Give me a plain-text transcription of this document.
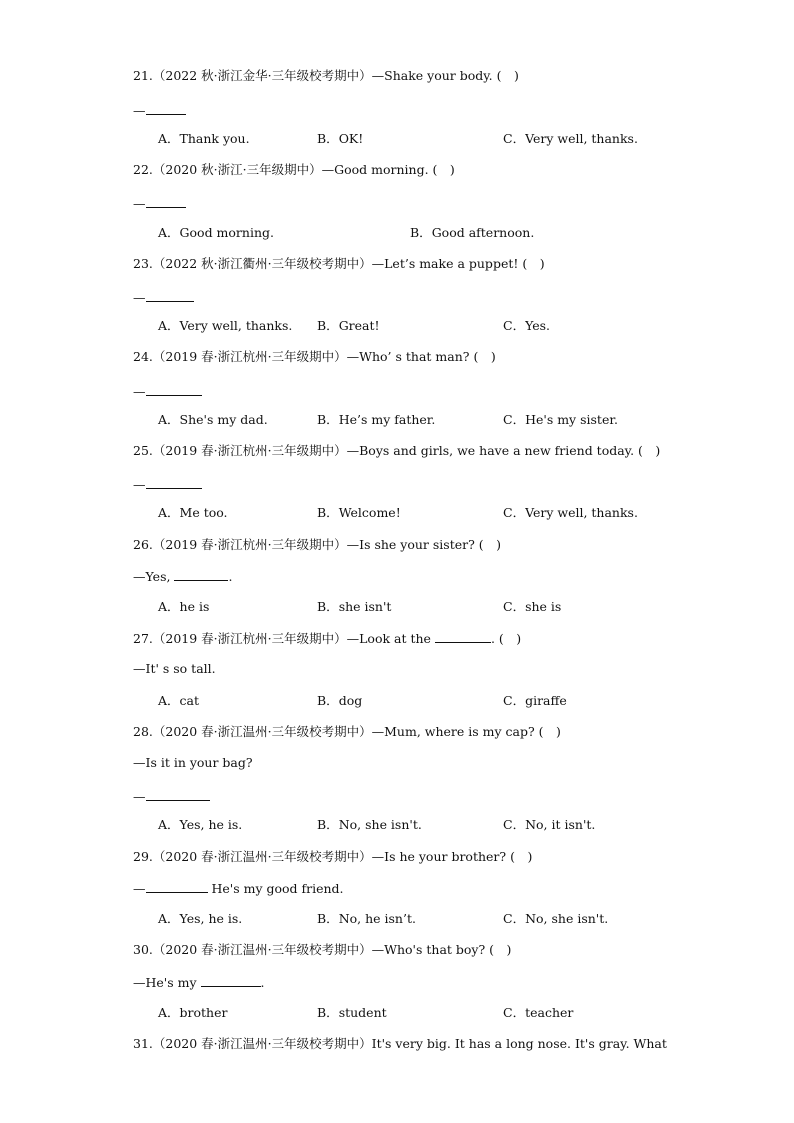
21.（2022 秋·浙江金华·三年级校考期中）—Shake your body. (　)
—
A．Thank you.	B．OK!	C．Very well, thanks.
22.（2020 秋·浙江·三年级期中）—Good morning. (　)
—
A．Good morning.	B．Good afternoon.
23.（2022 秋·浙江衢州·三年级校考期中）—Let’s make a puppet! (　)
—
A．Very well, thanks. B．Great!	C．Yes.
24.（2019 春·浙江杭州·三年级期中）—Who’ s that man? (　)
—
A．She's my dad.	B．He’s my father.	C．He's my sister.
25.（2019 春·浙江杭州·三年级期中）—Boys and girls, we have a new friend today. (　)
—
A．Me too.	B．Welcome!	C．Very well, thanks.
26.（2019 春·浙江杭州·三年级期中）—Is she your sister? (　)
—Yes,	.
A．he is	B．she isn't	C．she is
27.（2019 春·浙江杭州·三年级期中）—Look at the	. (　)
—It' s so tall.
A．cat	B．dog	C．giraffe
28.（2020 春·浙江温州·三年级校考期中）—Mum, where is my cap? (　)
—Is it in your bag?
—
A．Yes, he is.	B．No, she isn't.	C．No, it isn't.
29.（2020 春·浙江温州·三年级校考期中）—Is he your brother? (　)
—	He's my good friend.
A．Yes, he is.	B．No, he isn’t.	C．No, she isn't.
30.（2020 春·浙江温州·三年级校考期中）—Who's that boy? (　)
—He's my	.
A．brother	B．student	C．teacher
31.（2020 春·浙江温州·三年级校考期中）It's very big. It has a long nose. It's gray. What
